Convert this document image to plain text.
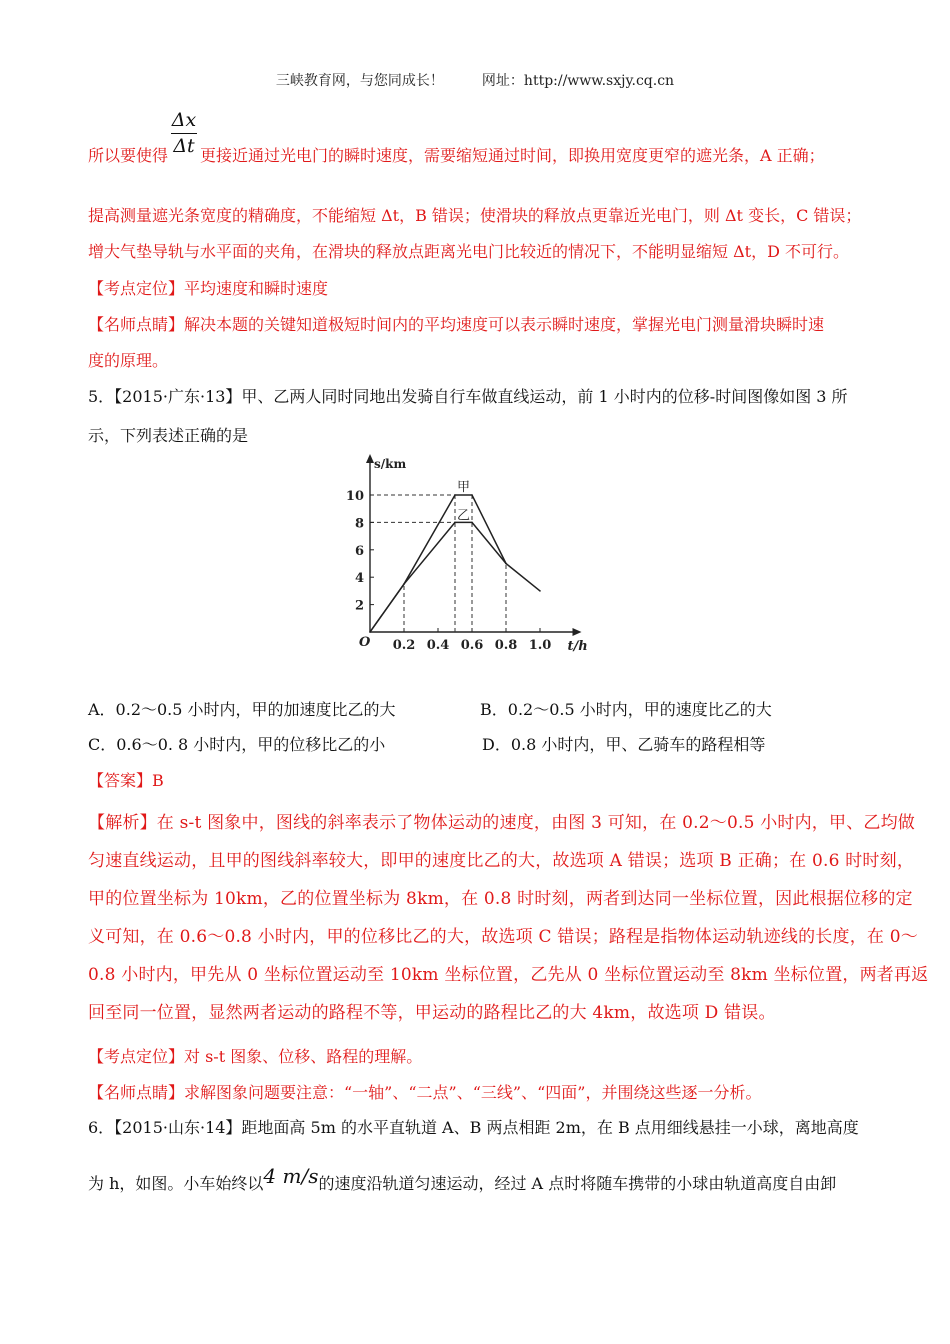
三峡教育网，与您同成长！	网址：http://www.sxjy.cq.cn
Δx
Δt
所以要使得 更接近通过光电门的瞬时速度，需要缩短通过时间，即换用宽度更窄的遮光条，A 正确；
提高测量遮光条宽度的精确度，不能缩短 Δt，B 错误；使滑块的释放点更靠近光电门，则 Δt 变长，C 错误；
增大气垫导轨与水平面的夹角，在滑块的释放点距离光电门比较近的情况下，不能明显缩短 Δt，D 不可行。
【考点定位】平均速度和瞬时速度
【名师点睛】解决本题的关键知道极短时间内的平均速度可以表示瞬时速度，掌握光电门测量滑块瞬时速
度的原理。
5．【2015·广东·13】甲、乙两人同时同地出发骑自行车做直线运动，前 1 小时内的位移-时间图像如图 3 所
示，下列表述正确的是
0.2 0.4 0.6 0.8 1.0
2
4
6
8
10
甲
乙
s/km
t/h
O
A．0.2～0.5 小时内，甲的加速度比乙的大	B．0.2～0.5 小时内，甲的速度比乙的大
C．0.6～0. 8 小时内，甲的位移比乙的小	D．0.8 小时内，甲、乙骑车的路程相等
【答案】B
【解析】在 s-t 图象中，图线的斜率表示了物体运动的速度，由图 3 可知，在 0.2～0.5 小时内，甲、乙均做
匀速直线运动，且甲的图线斜率较大，即甲的速度比乙的大，故选项 A 错误；选项 B 正确；在 0.6 时时刻，
甲的位置坐标为 10km，乙的位置坐标为 8km，在 0.8 时时刻，两者到达同一坐标位置，因此根据位移的定
义可知，在 0.6～0.8 小时内，甲的位移比乙的大，故选项 C 错误；路程是指物体运动轨迹线的长度，在 0～
0.8 小时内，甲先从 0 坐标位置运动至 10km 坐标位置，乙先从 0 坐标位置运动至 8km 坐标位置，两者再返
回至同一位置，显然两者运动的路程不等，甲运动的路程比乙的大 4km，故选项 D 错误。
【考点定位】对 s-t 图象、位移、路程的理解。
【名师点睛】求解图象问题要注意：“一轴”、“二点”、“三线”、“四面”，并围绕这些逐一分析。
6．【2015·山东·14】距地面高 5m 的水平直轨道 A、B 两点相距 2m，在 B 点用细线悬挂一小球，离地高度
为 h，如图。小车始终以4 m/s的速度沿轨道匀速运动，经过 A 点时将随车携带的小球由轨道高度自由卸
